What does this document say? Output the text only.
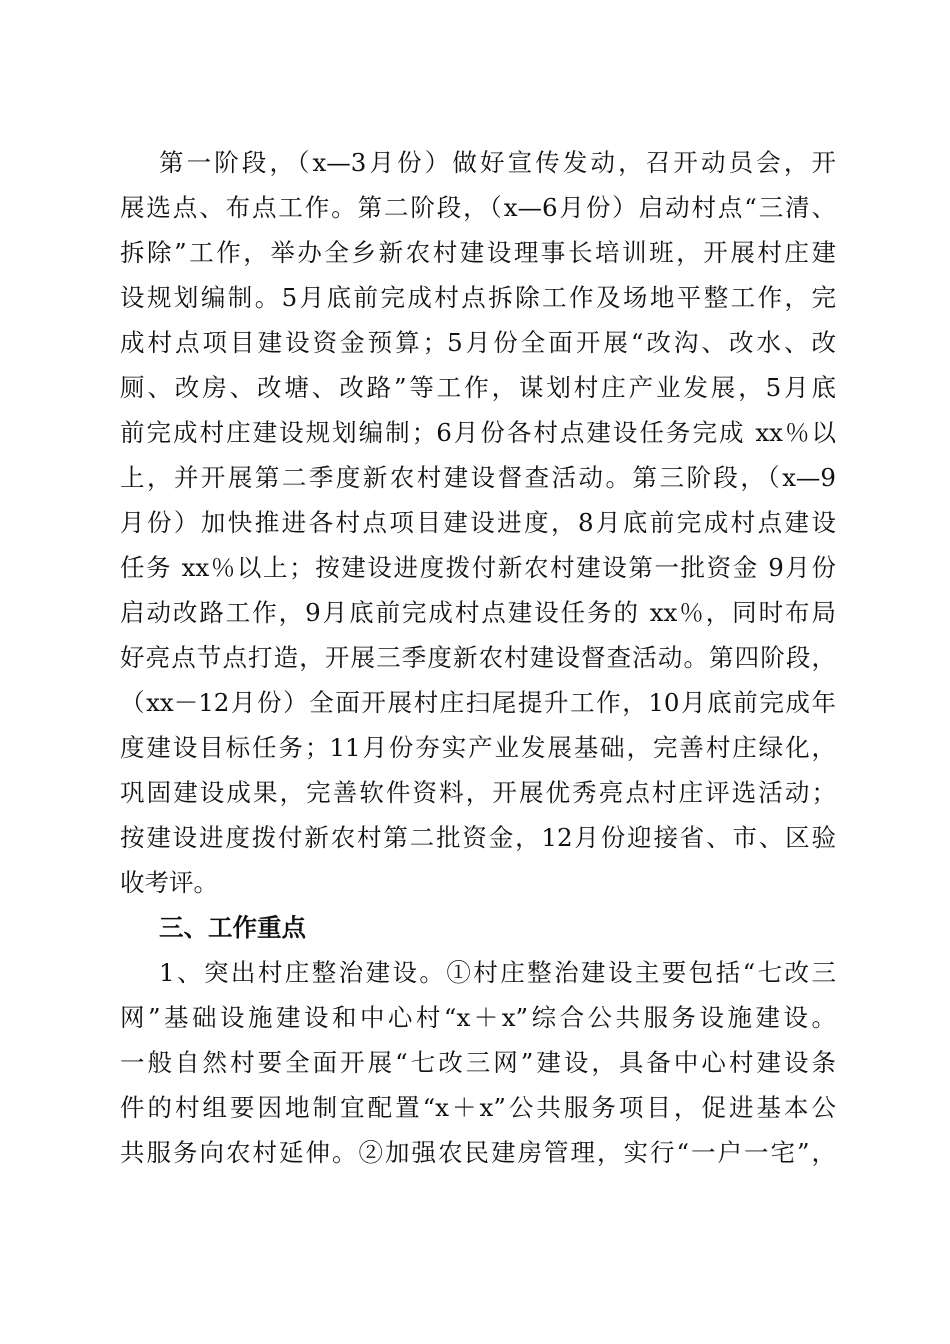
第一阶段，（x—3月份）做好宣传发动，召开动员会，开
展选点、布点工作。第二阶段，（x—6月份）启动村点“三清、
拆除”工作，举办全乡新农村建设理事长培训班，开展村庄建
设规划编制。5月底前完成村点拆除工作及场地平整工作，完
成村点项目建设资金预算；5月份全面开展“改沟、改水、改
厕、改房、改塘、改路”等工作，谋划村庄产业发展，5月底
前完成村庄建设规划编制；6月份各村点建设任务完成 xx％以
上，并开展第二季度新农村建设督查活动。第三阶段，（x—9
月份）加快推进各村点项目建设进度，8月底前完成村点建设
任务 xx％以上；按建设进度拨付新农村建设第一批资金 9月份
启动改路工作，9月底前完成村点建设任务的 xx％，同时布局
好亮点节点打造，开展三季度新农村建设督查活动。第四阶段，
（xx－12月份）全面开展村庄扫尾提升工作，10月底前完成年
度建设目标任务；11月份夯实产业发展基础，完善村庄绿化，
巩固建设成果，完善软件资料，开展优秀亮点村庄评选活动；
按建设进度拨付新农村第二批资金，12月份迎接省、市、区验
收考评。
三、工作重点
1、突出村庄整治建设。①村庄整治建设主要包括“七改三
网”基础设施建设和中心村“x＋x”综合公共服务设施建设。
一般自然村要全面开展“七改三网”建设，具备中心村建设条
件的村组要因地制宜配置“x＋x”公共服务项目，促进基本公
共服务向农村延伸。②加强农民建房管理，实行“一户一宅”，
